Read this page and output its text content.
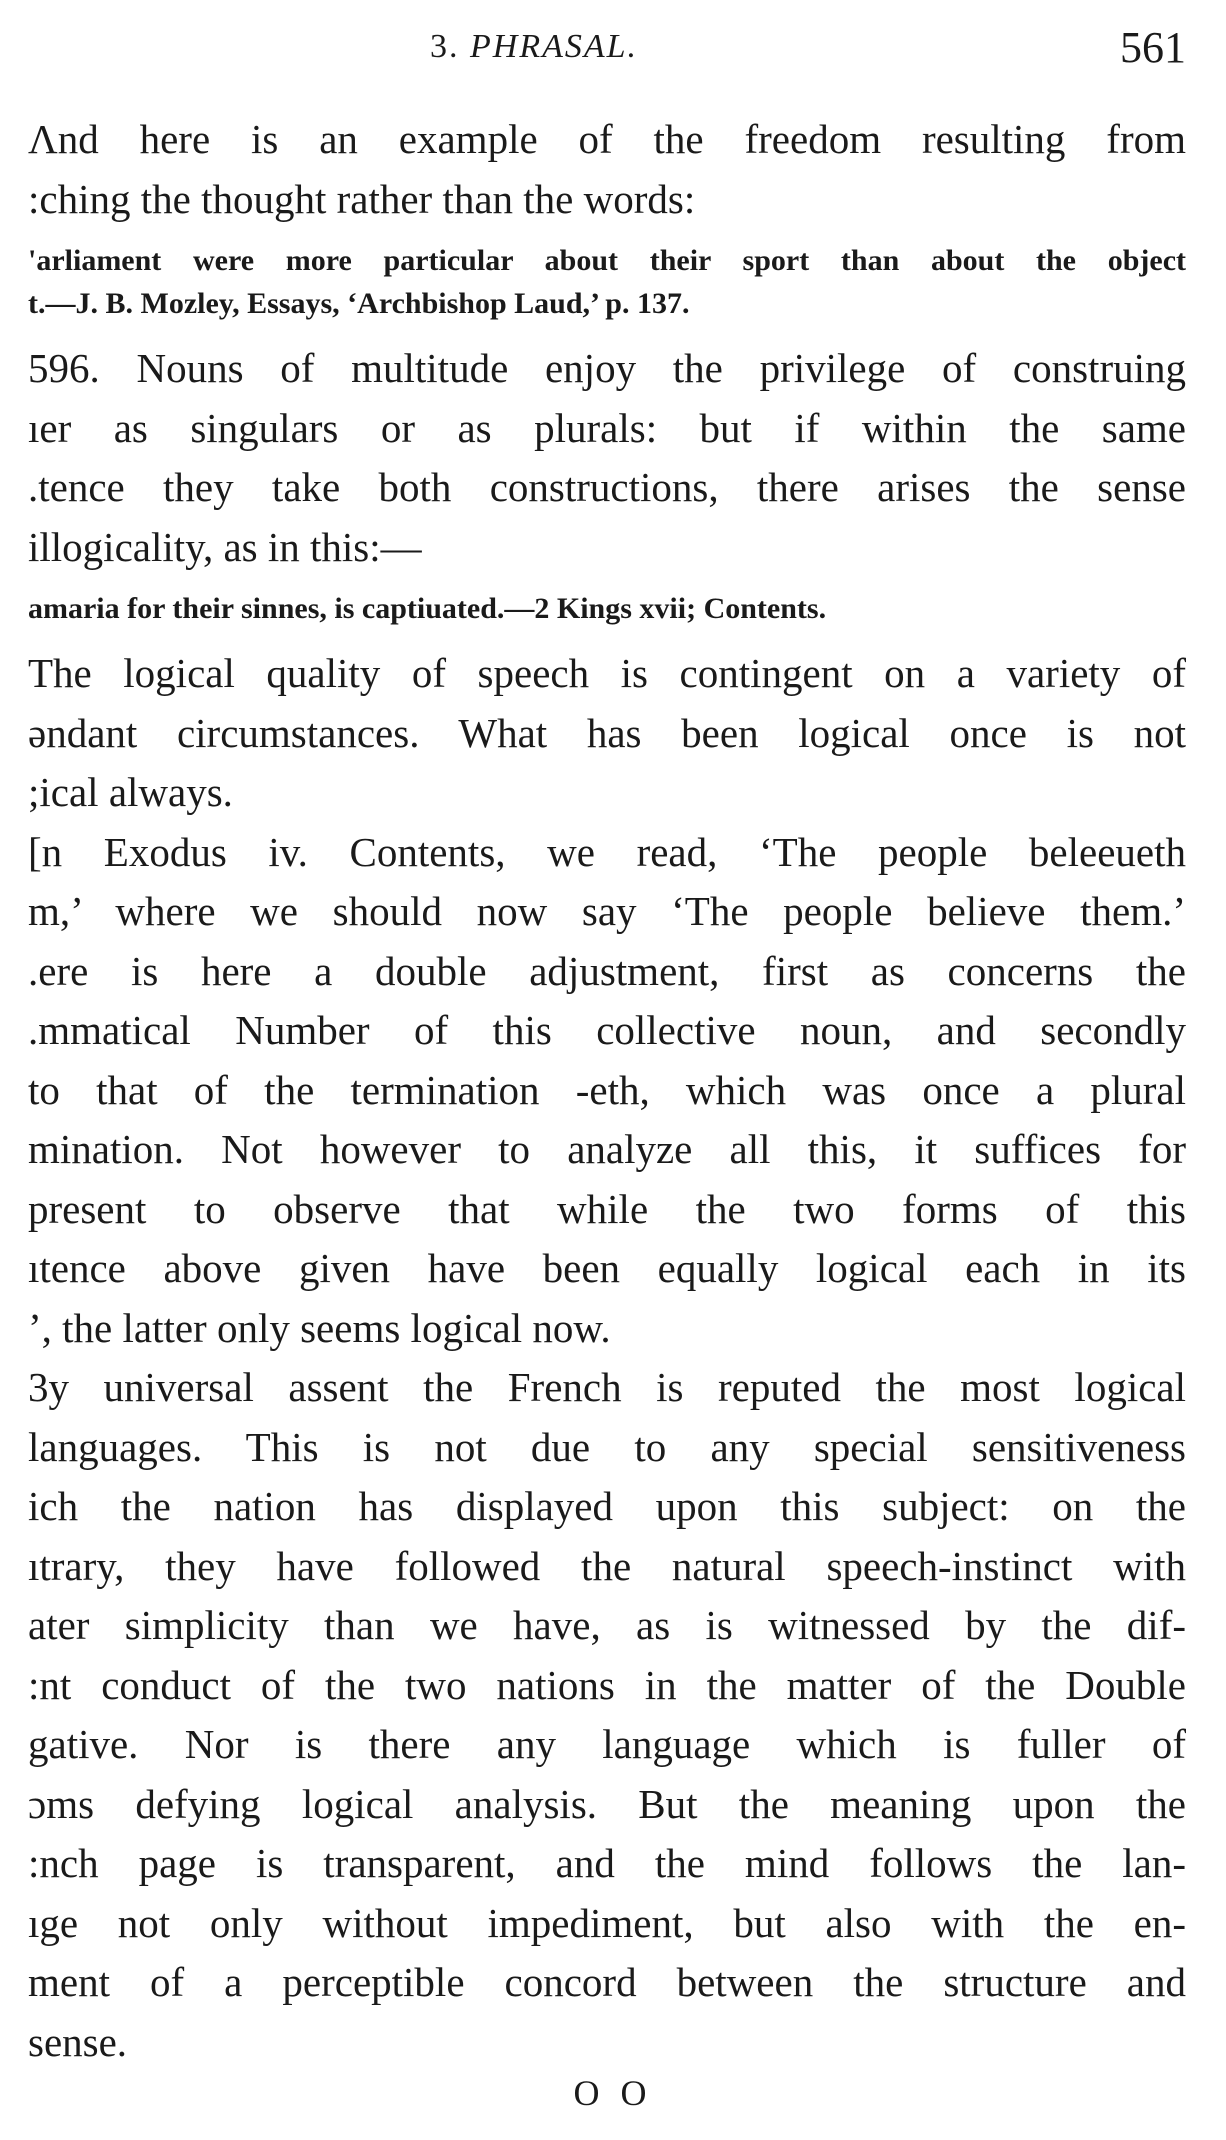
3. PHRASAL.	561
Ʌnd here is an example of the freedom resulting from
:ching the thought rather than the words:
'arliament were more particular about their sport than about the object
t.—J. B. Mozley, Essays, ‘Archbishop Laud,’ p. 137.
596. Nouns of multitude enjoy the privilege of construing
ıer as singulars or as plurals: but if within the same
.tence they take both constructions, there arises the sense
illogicality, as in this:—
amaria for their sinnes, is captiuated.—2 Kings xvii; Contents.
The logical quality of speech is contingent on a variety of
əndant circumstances. What has been logical once is not
;ical always.
[n Exodus iv. Contents, we read, ‘The people beleeueth
m,’ where we should now say ‘The people believe them.’
.ere is here a double adjustment, first as concerns the
.mmatical Number of this collective noun, and secondly
to that of the termination -eth, which was once a plural
mination. Not however to analyze all this, it suffices for
present to observe that while the two forms of this
ıtence above given have been equally logical each in its
ʼ, the latter only seems logical now.
3y universal assent the French is reputed the most logical
languages. This is not due to any special sensitiveness
ich the nation has displayed upon this subject: on the
ıtrary, they have followed the natural speech-instinct with
ater simplicity than we have, as is witnessed by the dif-
:nt conduct of the two nations in the matter of the Double
gative. Nor is there any language which is fuller of
ɔms defying logical analysis. But the meaning upon the
:nch page is transparent, and the mind follows the lan-
ıge not only without impediment, but also with the en-
ment of a perceptible concord between the structure and
sense.
O O
